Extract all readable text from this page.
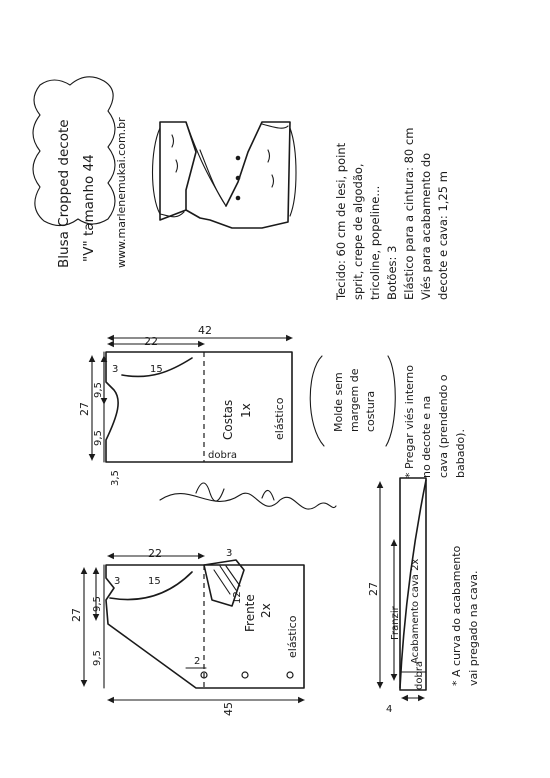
Blusa Cropped decote "V" tamanho 44 www.marlenemukai.com.br	Tecido: 60 cm de lesi, point sprit, crepe de algodão, tricoline, popeline... Botões: 3 Elástico para a cintura: 80 cm Viés para acabamento do decote e cava: 1,25 m
Costas 1x elástico
27
9,5
9,5
3,5
dobra
22
42
3	15
Molde sem margem de costura * Pregar viés interno no decote e na cava (prendendo o babado).
Frente 2x
elástico
27
9,5
9,5
45
12
22
3
3
15
2
27
Franzir Acabamento cava 2x
dobra * A curva do acabamento vai pregado na cava.
4
